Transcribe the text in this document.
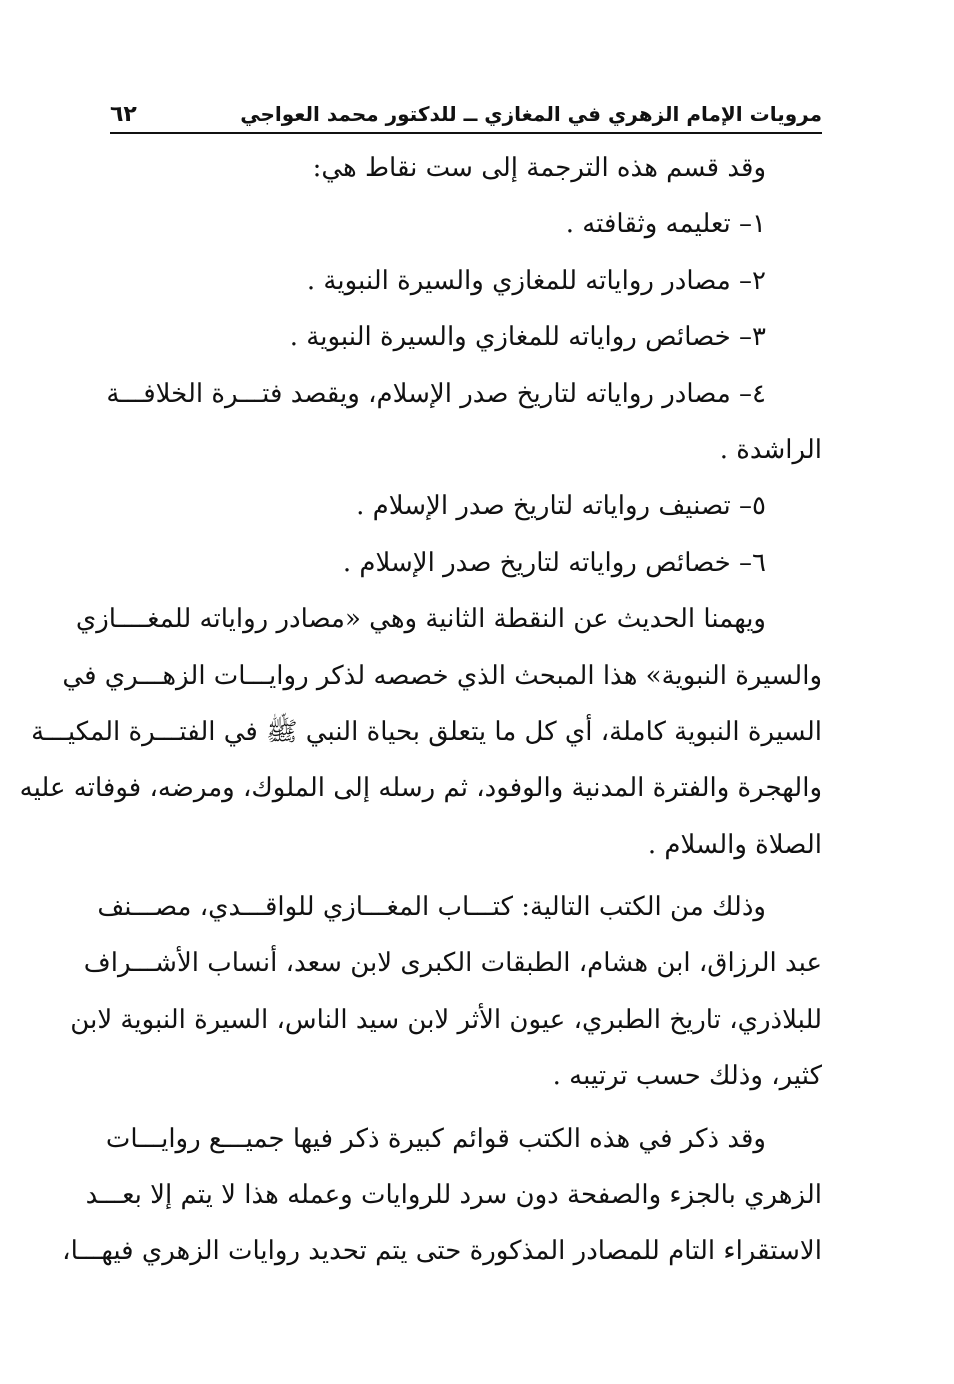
مرويات الإمام الزهري في المغازي ــ للدكتور محمد العواجي
٦٢
وقد قسم هذه الترجمة إلى ست نقاط هي:
١– تعليمه وثقافته .
٢– مصادر رواياته للمغازي والسيرة النبوية .
٣– خصائص رواياته للمغازي والسيرة النبوية .
٤– مصادر رواياته لتاريخ صدر الإسلام، ويقصد فتـــرة الخلافـــة
الراشدة .
٥– تصنيف رواياته لتاريخ صدر الإسلام .
٦– خصائص رواياته لتاريخ صدر الإسلام .
ويهمنا الحديث عن النقطة الثانية وهي «مصادر رواياته للمغــــازي
والسيرة النبوية» هذا المبحث الذي خصصه لذكر روايـــات الزهـــري في
السيرة النبوية كاملة، أي كل ما يتعلق بحياة النبي ﷺ في الفتـــرة المكيـــة
والهجرة والفترة المدنية والوفود، ثم رسله إلى الملوك، ومرضه، فوفاته عليه
الصلاة والسلام .
وذلك من الكتب التالية: كتـــاب المغـــازي للواقـــدي، مصـــنف
عبد الرزاق، ابن هشام، الطبقات الكبرى لابن سعد، أنساب الأشـــراف
للبلاذري، تاريخ الطبري، عيون الأثر لابن سيد الناس، السيرة النبوية لابن
كثير، وذلك حسب ترتيبه .
وقد ذكر في هذه الكتب قوائم كبيرة ذكر فيها جميـــع روايـــات
الزهري بالجزء والصفحة دون سرد للروايات وعمله هذا لا يتم إلا بعـــد
الاستقراء التام للمصادر المذكورة حتى يتم تحديد روايات الزهري فيهـــا،
